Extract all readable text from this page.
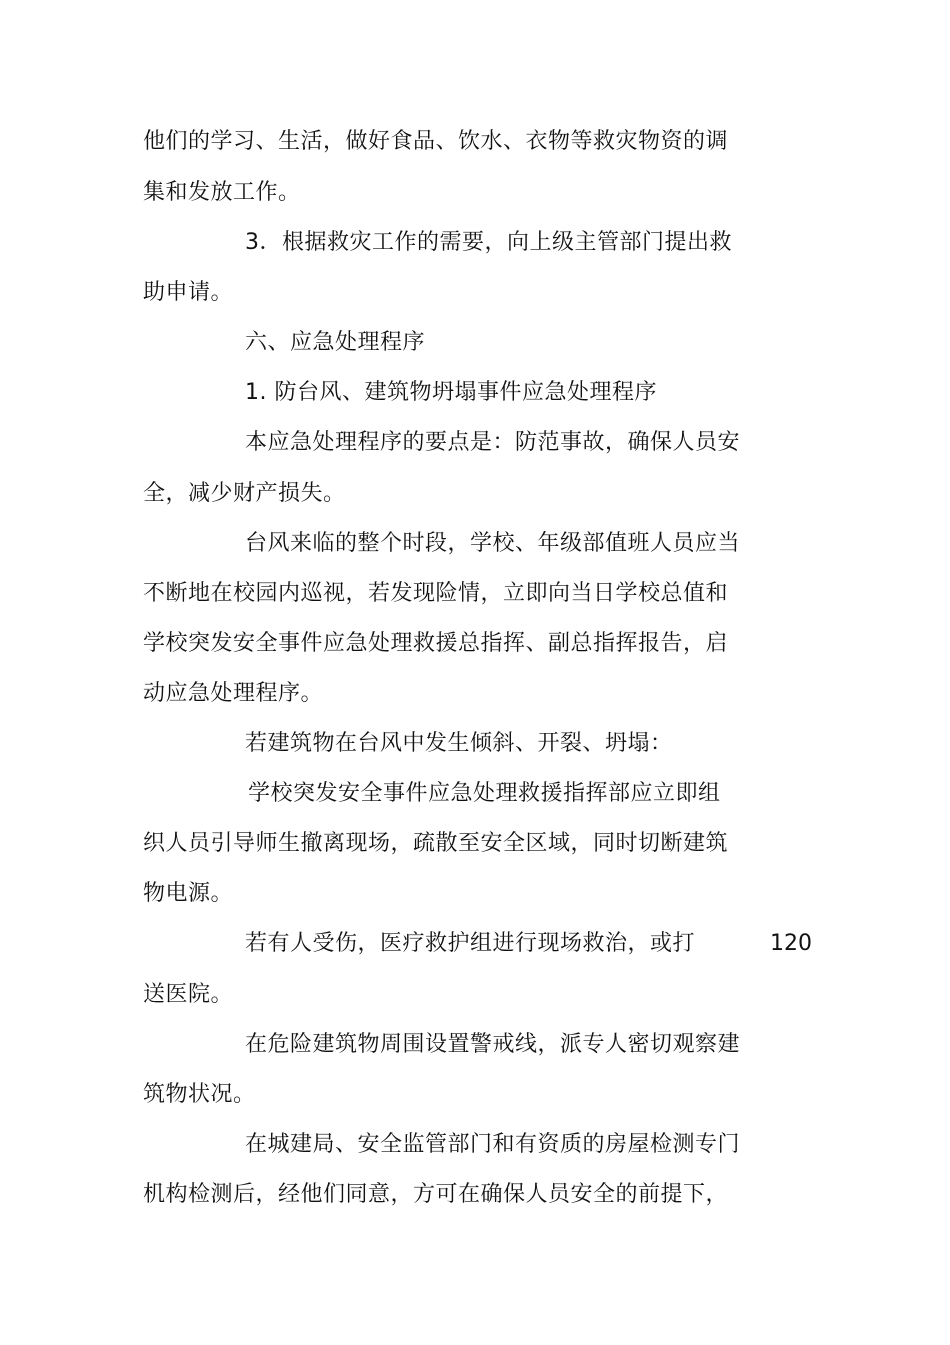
他们的学习、生活，做好食品、饮水、衣物等救灾物资的调
集和发放工作。
3．根据救灾工作的需要，向上级主管部门提出救
助申请。
六、应急处理程序
1. 防台风、建筑物坍塌事件应急处理程序
本应急处理程序的要点是：防范事故，确保人员安
全，减少财产损失。
台风来临的整个时段，学校、年级部值班人员应当
不断地在校园内巡视，若发现险情，立即向当日学校总值和
学校突发安全事件应急处理救援总指挥、副总指挥报告，启
动应急处理程序。
若建筑物在台风中发生倾斜、开裂、坍塌：
学校突发安全事件应急处理救援指挥部应立即组
织人员引导师生撤离现场，疏散至安全区域，同时切断建筑
物电源。
若有人受伤，医疗救护组进行现场救治，或打	120
送医院。
在危险建筑物周围设置警戒线，派专人密切观察建
筑物状况。
在城建局、安全监管部门和有资质的房屋检测专门
机构检测后，经他们同意，方可在确保人员安全的前提下，
